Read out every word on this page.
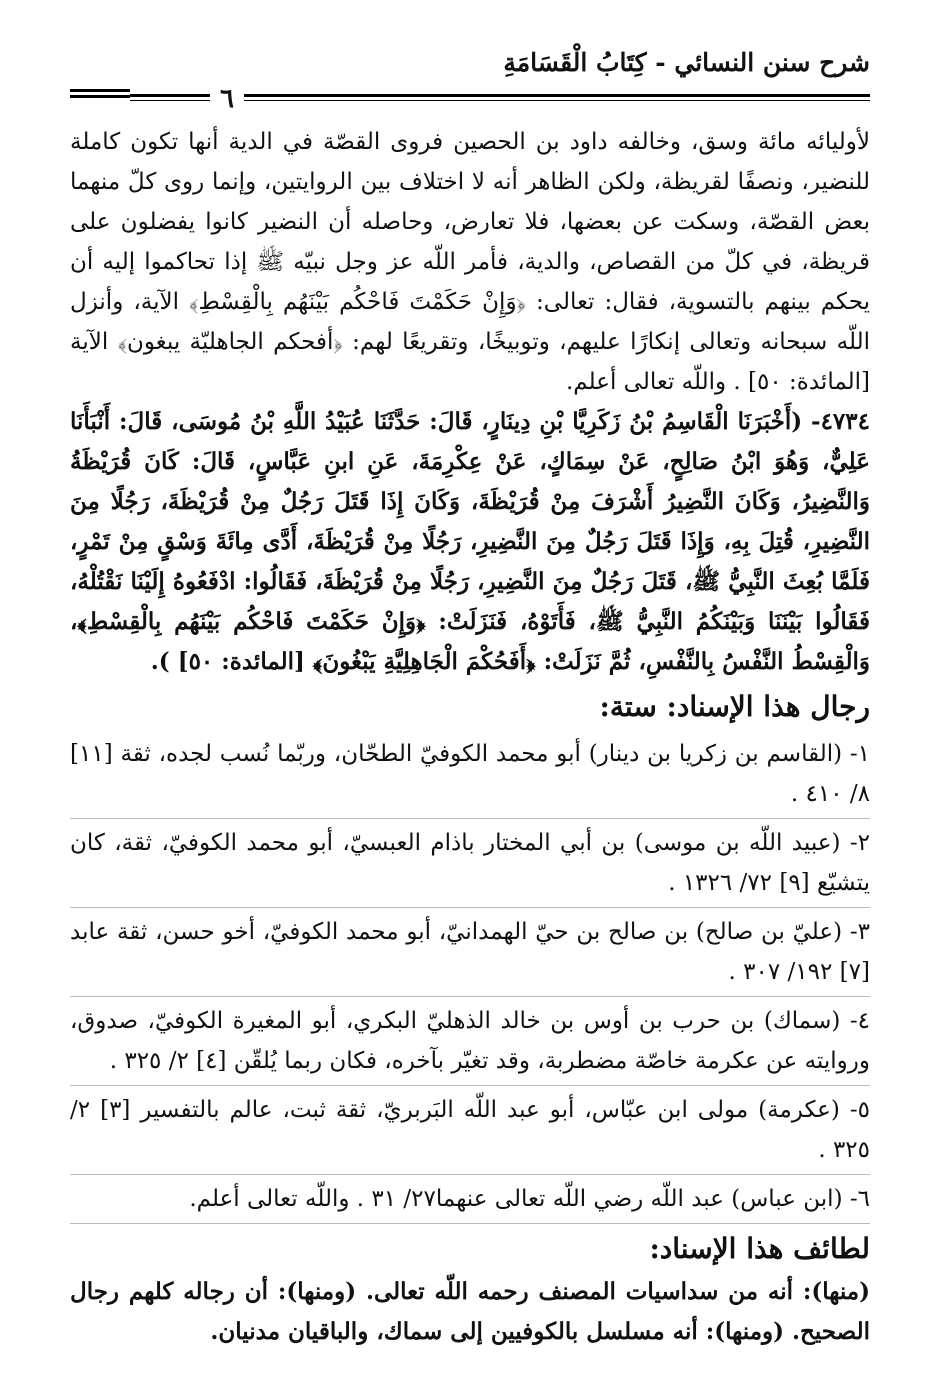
شرح سنن النسائي - كِتَابُ الْقَسَامَةِ
٦

لأوليائه مائة وسق، وخالفه داود بن الحصين فروى القصّة في الدية أنها تكون كاملة للنضير، ونصفًا لقريظة، ولكن الظاهر أنه لا اختلاف بين الروايتين، وإنما روى كلّ منهما بعض القصّة، وسكت عن بعضها، فلا تعارض، وحاصله أن النضير كانوا يفضلون على قريظة، في كلّ من القصاص، والدية، فأمر اللّه عز وجل نبيّه ﷺ إذا تحاكموا إليه أن يحكم بينهم بالتسوية، فقال: تعالى: ﴿وَإِنْ حَكَمْتَ فَاحْكُم بَيْنَهُم بِالْقِسْطِ﴾ الآية، وأنزل اللّه سبحانه وتعالى إنكارًا عليهم، وتوبيخًا، وتقريعًا لهم: ﴿أفحكم الجاهليّة يبغون﴾ الآية [المائدة: ٥٠] . واللّه تعالى أعلم.

٤٧٣٤- (أَخْبَرَنَا الْقَاسِمُ بْنُ زَكَرِيَّا بْنِ دِينَارٍ، قَالَ: حَدَّثَنَا عُبَيْدُ اللَّهِ بْنُ مُوسَى، قَالَ: أَنْبَأَنَا عَلِيٌّ، وَهُوَ ابْنُ صَالِحٍ، عَنْ سِمَاكٍ، عَنْ عِكْرِمَةَ، عَنِ ابنِ عَبَّاسٍ، قَالَ: كَانَ قُرَيْظَةُ وَالنَّضِيرُ، وَكَانَ النَّضِيرُ أَشْرَفَ مِنْ قُرَيْظَةَ، وَكَانَ إِذَا قَتَلَ رَجُلٌ مِنْ قُرَيْظَةَ، رَجُلًا مِنَ النَّضِيرِ، قُتِلَ بِهِ، وَإِذَا قَتَلَ رَجُلٌ مِنَ النَّضِيرِ، رَجُلًا مِنْ قُرَيْظَةَ، أَدَّى مِائَةَ وَسْقٍ مِنْ تَمْرٍ، فَلَمَّا بُعِثَ النَّبِيُّ ﷺ، قَتَلَ رَجُلٌ مِنَ النَّضِيرِ، رَجُلًا مِنْ قُرَيْظَةَ، فَقَالُوا: ادْفَعُوهُ إِلَيْنَا نَقْتُلْهُ، فَقَالُوا بَيْنَنَا وَبَيْنَكُمُ النَّبِيُّ ﷺ، فَأَتَوْهُ، فَنَزَلَتْ: ﴿وَإِنْ حَكَمْتَ فَاحْكُم بَيْنَهُم بِالْقِسْطِ﴾، وَالْقِسْطُ النَّفْسُ بِالنَّفْسِ، ثُمَّ نَزَلَتْ: ﴿أَفَحُكْمَ الْجَاهِلِيَّةِ يَبْغُونَ﴾ [المائدة: ٥٠] ).

رجال هذا الإسناد: ستة:

١- (القاسم بن زكريا بن دينار) أبو محمد الكوفيّ الطحّان، وربّما نُسب لجده، ثقة [١١] ٨/ ٤١٠ .

٢- (عبيد اللّه بن موسى) بن أبي المختار باذام العبسيّ، أبو محمد الكوفيّ، ثقة، كان يتشيّع [٩] ٧٢/ ١٣٢٦ .

٣- (عليّ بن صالح) بن صالح بن حيّ الهمدانيّ، أبو محمد الكوفيّ، أخو حسن، ثقة عابد [٧] ١٩٢/ ٣٠٧ .

٤- (سماك) بن حرب بن أوس بن خالد الذهليّ البكري، أبو المغيرة الكوفيّ، صدوق، وروايته عن عكرمة خاصّة مضطربة، وقد تغيّر بآخره، فكان ربما يُلقّن [٤] ٢/ ٣٢٥ .

٥- (عكرمة) مولى ابن عبّاس، أبو عبد اللّه البَربريّ، ثقة ثبت، عالم بالتفسير [٣] ٢/ ٣٢٥ .

٦- (ابن عباس) عبد اللّه رضي اللّه تعالى عنهما٢٧/ ٣١ . واللّه تعالى أعلم.

لطائف هذا الإسناد:

(منها): أنه من سداسيات المصنف رحمه اللّه تعالى. (ومنها): أن رجاله كلهم رجال الصحيح. (ومنها): أنه مسلسل بالكوفيين إلى سماك، والباقيان مدنيان.
